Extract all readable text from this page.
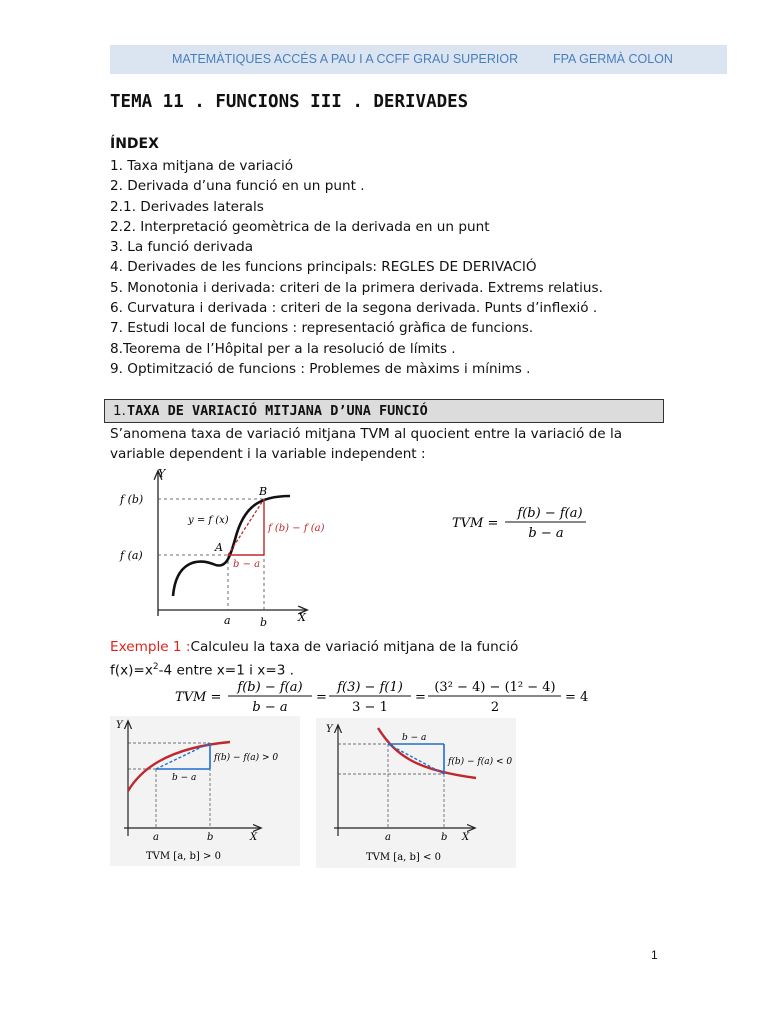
MATEMÀTIQUES ACCÉS A PAU I A CCFF GRAU SUPERIOR	FPA GERMÀ COLON
TEMA 11 . FUNCIONS III . DERIVADES
ÍNDEX
1. Taxa mitjana de variació
2. Derivada d’una funció en un punt .
2.1. Derivades laterals
2.2. Interpretació geomètrica de la derivada en un punt
3. La funció derivada
4. Derivades de les funcions principals: REGLES DE DERIVACIÓ
5. Monotonia i derivada: criteri de la primera derivada. Extrems relatius.
6. Curvatura i derivada : criteri de la segona derivada. Punts d’inflexió .
7. Estudi local de funcions : representació gràfica de funcions.
8.Teorema de l’Hôpital per a la resolució de límits .
9. Optimització de funcions : Problemes de màxims i mínims .
1. TAXA DE VARIACIÓ MITJANA D’UNA FUNCIÓ
S’anomena taxa de variació mitjana TVM al quocient entre la variació de la variable dependent i la variable independent :
Y
X
f (b)
f (a)
y = f (x)
A
B
f (b) − f (a)
b − a
a	b
TVM =
f(b) − f(a)
b − a
Exemple 1 :Calculeu la taxa de variació mitjana de la funció
$f(x)=x^2-4$ entre x=1 i x=3 .
TVM =
f(b) − f(a)
b − a
=
f(3) − f(1)
3 − 1
=
(3² − 4) − (1² − 4)
2
= 4
Y
X
b − a
f(b) − f(a) > 0
a	b
TVM [a, b] > 0
Y
X
b − a
f(b) − f(a) < 0
a	b
TVM [a, b] < 0
1
